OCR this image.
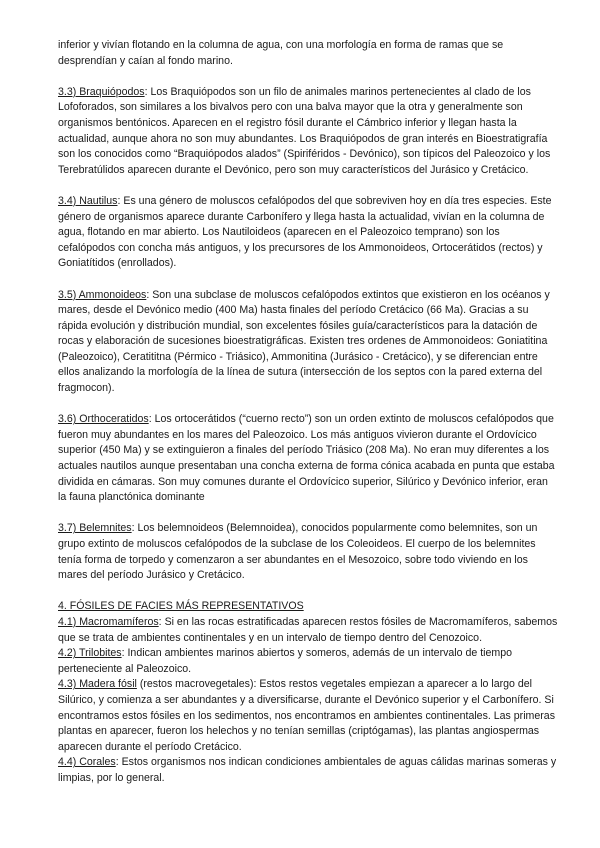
inferior y vivían flotando en la columna de agua, con una morfología en forma de ramas que se desprendían y caían al fondo marino.

3.3) Braquiópodos: Los Braquiópodos son un filo de animales marinos pertenecientes al clado de los Lofoforados, son similares a los bivalvos pero con una balva mayor que la otra y generalmente son organismos bentónicos. Aparecen en el registro fósil durante el Cámbrico inferior y llegan hasta la actualidad, aunque ahora no son muy abundantes. Los Braquiópodos de gran interés en Bioestratigrafía son los conocidos como “Braquiópodos alados” (Spiriféridos - Devónico), son típicos del Paleozoico y los Terebratúlidos aparecen durante el Devónico, pero son muy característicos del Jurásico y Cretácico.

3.4) Nautilus: Es una género de moluscos cefalópodos del que sobreviven hoy en día tres especies. Este género de organismos aparece durante Carbonífero y llega hasta la actualidad, vivían en la columna de agua, flotando en mar abierto. Los Nautiloideos (aparecen en el Paleozoico temprano) son los cefalópodos con concha más antiguos, y los precursores de los Ammonoideos, Ortocerátidos (rectos) y Goniatítidos (enrollados).

3.5) Ammonoideos: Son una subclase de moluscos cefalópodos extintos que existieron en los océanos y mares, desde el Devónico medio (400 Ma) hasta finales del período Cretácico (66 Ma). Gracias a su rápida evolución y distribución mundial, son excelentes fósiles guía/característicos para la datación de rocas y elaboración de sucesiones bioestratigráficas. Existen tres ordenes de Ammonoideos: Goniatitina (Paleozoico), Ceratititna (Pérmico - Triásico), Ammonitina (Jurásico - Cretácico), y se diferencian entre ellos analizando la morfología de la línea de sutura (intersección de los septos con la pared externa del fragmocon).

3.6) Orthoceratidos: Los ortocerátidos (“cuerno recto”) son un orden extinto de moluscos cefalópodos que fueron muy abundantes en los mares del Paleozoico. Los más antiguos vivieron durante el Ordovícico superior (450 Ma) y se extinguieron a finales del período Triásico (208 Ma). No eran muy diferentes a los actuales nautilos aunque presentaban una concha externa de forma cónica acabada en punta que estaba dividida en cámaras. Son muy comunes durante el Ordovícico superior, Silúrico y Devónico inferior, eran la fauna planctónica dominante

3.7) Belemnites: Los belemnoideos (Belemnoidea), conocidos popularmente como belemnites, son un grupo extinto de moluscos cefalópodos de la subclase de los Coleoideos. El cuerpo de los belemnites tenía forma de torpedo y comenzaron a ser abundantes en el Mesozoico, sobre todo viviendo en los mares del período Jurásico y Cretácico.

4. FÓSILES DE FACIES MÁS REPRESENTATIVOS

4.1) Macromamíferos: Si en las rocas estratificadas aparecen restos fósiles de Macromamíferos, sabemos que se trata de ambientes continentales y en un intervalo de tiempo dentro del Cenozoico.

4.2) Trilobites: Indican ambientes marinos abiertos y someros, además de un intervalo de tiempo perteneciente al Paleozoico.

4.3) Madera fósil (restos macrovegetales): Estos restos vegetales empiezan a aparecer a lo largo del Silúrico, y comienza a ser abundantes y a diversificarse, durante el Devónico superior y el Carbonífero. Si encontramos estos fósiles en los sedimentos, nos encontramos en ambientes continentales. Las primeras plantas en aparecer, fueron los helechos y no tenían semillas (criptógamas), las plantas angiospermas aparecen durante el período Cretácico.

4.4) Corales: Estos organismos nos indican condiciones ambientales de aguas cálidas marinas someras y limpias, por lo general.
